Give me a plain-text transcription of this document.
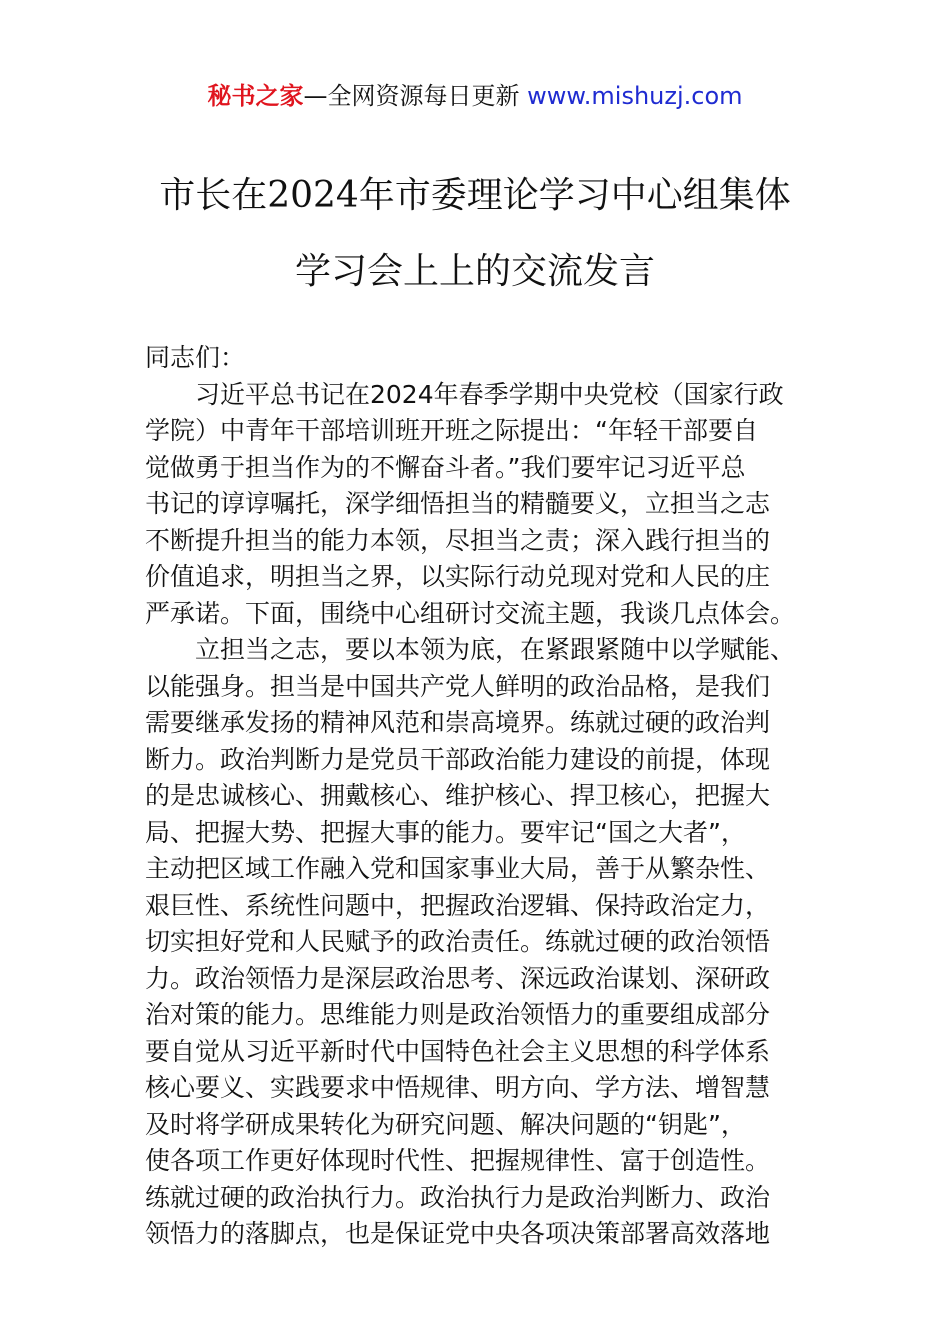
秘书之家—全网资源每日更新 www.mishuzj.com
市长在2024年市委理论学习中心组集体
学习会上上的交流发言
同志们：
　　习近平总书记在2024年春季学期中央党校（国家行政
学院）中青年干部培训班开班之际提出：“年轻干部要自
觉做勇于担当作为的不懈奋斗者。”我们要牢记习近平总
书记的谆谆嘱托，深学细悟担当的精髓要义，立担当之志
不断提升担当的能力本领，尽担当之责；深入践行担当的
价值追求，明担当之界，以实际行动兑现对党和人民的庄
严承诺。下面，围绕中心组研讨交流主题，我谈几点体会。
　　立担当之志，要以本领为底，在紧跟紧随中以学赋能、
以能强身。担当是中国共产党人鲜明的政治品格，是我们
需要继承发扬的精神风范和崇高境界。练就过硬的政治判
断力。政治判断力是党员干部政治能力建设的前提，体现
的是忠诚核心、拥戴核心、维护核心、捍卫核心，把握大
局、把握大势、把握大事的能力。要牢记“国之大者”，
主动把区域工作融入党和国家事业大局，善于从繁杂性、
艰巨性、系统性问题中，把握政治逻辑、保持政治定力，
切实担好党和人民赋予的政治责任。练就过硬的政治领悟
力。政治领悟力是深层政治思考、深远政治谋划、深研政
治对策的能力。思维能力则是政治领悟力的重要组成部分
要自觉从习近平新时代中国特色社会主义思想的科学体系
核心要义、实践要求中悟规律、明方向、学方法、增智慧
及时将学研成果转化为研究问题、解决问题的“钥匙”，
使各项工作更好体现时代性、把握规律性、富于创造性。
练就过硬的政治执行力。政治执行力是政治判断力、政治
领悟力的落脚点，也是保证党中央各项决策部署高效落地
